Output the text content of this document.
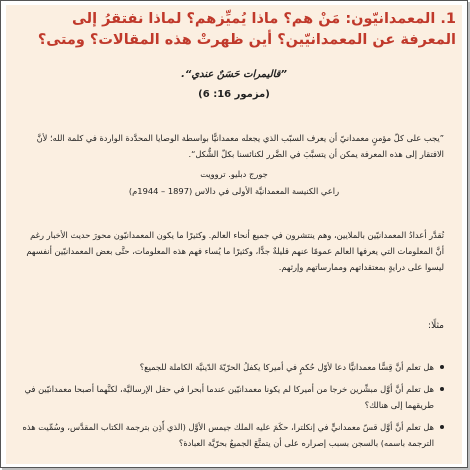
1. المعمدانيّون: مَنْ هم؟ ماذا يُميِّزهم؟ لماذا نفتقرُ إلى المعرفة عن المعمدانيّين؟ أين ظهرتْ هذه المقالات؟ ومتى؟
”قاليمرات حَسَنٌ عندي“.
(مزمور 16: 6)
”يجب على كلّ مؤمنٍ معمدانيّ أن يعرف السبّب الذي يجعله معمدانيًّا بواسطة الوصايا المحدَّدة الواردة في كلمة الله؛ لأنَّ الافتقار إلى هذه المعرفة يمكن أن يتسبَّبَ في الضَّرر لكنائسنا بكلّ الشُّكل“.
جورج دبليو. تروويت
راعي الكنيسة المعمدانيَّة الأولى في دالاس (1897 – 1944م)
تُقدَّر أعدادُ المعمدانيّين بالملايين، وهم ينتشرون في جميع أنحاء العالم. وكثيرًا ما يكون المعمدانيّون محورَ حديث الأخبار رغم أنَّ المعلومات التي يعرفها العالم عمومًا عنهم قليلةٌ جدًّا، وكثيرًا ما يُساء فهم هذه المعلومات، حتَّى بعض المعمدانيّين أنفسهم ليسوا على درايةٍ بمعتقداتهم وممارساتهم وإرثهم.
مثلًا:
هل تعلم أنَّ قِسًّا معمدانيًّا دعا لأوّل حُكمٍ في أميركا يكفلُ الحرّيّةَ الدّينيَّة الكاملة للجميع؟
هل تعلم أنَّ أوَّل مبشِّرين خرجا من أميركا لم يكونا معمدانيّين عندما أبحرا في حقل الإرساليَّة، لكنَّهما أصبحا معمدانيّين في طريقهما إلى هنالك؟
هل تعلم أنَّ أوَّل قسّ معمدانيٍّ في إنكلترا، حكَمَ عليه الملك جيمس الأوَّل (الذي أَذِن بترجمة الكتاب المقدَّس، وسُمِّيت هذه الترجمة باسمه) بالسجن بسبب إصراره على أن يتمتَّعَ الجميعُ بحرّيَّة العبادة؟
